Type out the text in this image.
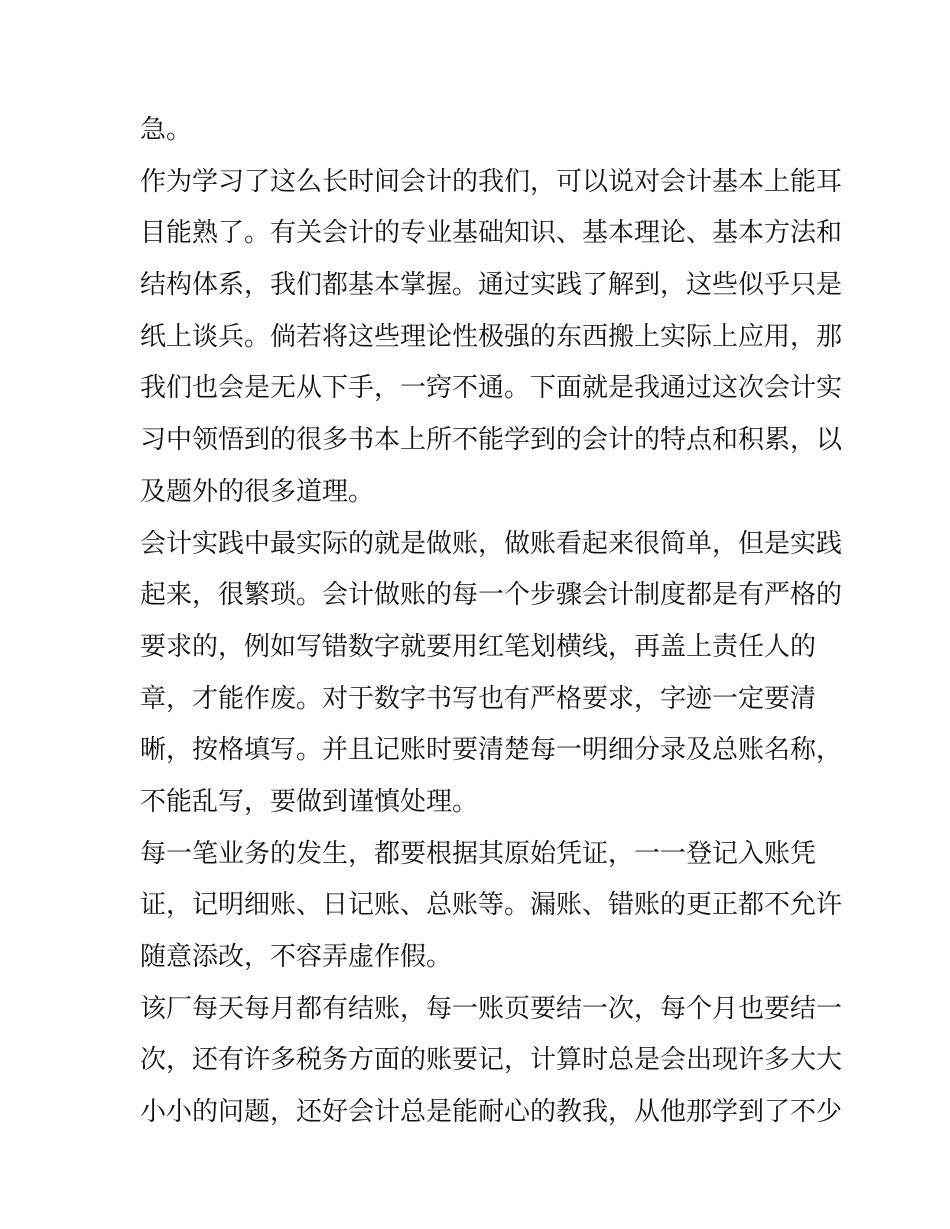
急。
作为学习了这么长时间会计的我们，可以说对会计基本上能耳
目能熟了。有关会计的专业基础知识、基本理论、基本方法和
结构体系，我们都基本掌握。通过实践了解到，这些似乎只是
纸上谈兵。倘若将这些理论性极强的东西搬上实际上应用，那
我们也会是无从下手，一窍不通。下面就是我通过这次会计实
习中领悟到的很多书本上所不能学到的会计的特点和积累，以
及题外的很多道理。
会计实践中最实际的就是做账，做账看起来很简单，但是实践
起来，很繁琐。会计做账的每一个步骤会计制度都是有严格的
要求的，例如写错数字就要用红笔划横线，再盖上责任人的
章，才能作废。对于数字书写也有严格要求，字迹一定要清
晰，按格填写。并且记账时要清楚每一明细分录及总账名称，
不能乱写，要做到谨慎处理。
每一笔业务的发生，都要根据其原始凭证，一一登记入账凭
证，记明细账、日记账、总账等。漏账、错账的更正都不允许
随意添改，不容弄虚作假。
该厂每天每月都有结账，每一账页要结一次，每个月也要结一
次，还有许多税务方面的账要记，计算时总是会出现许多大大
小小的问题，还好会计总是能耐心的教我，从他那学到了不少
